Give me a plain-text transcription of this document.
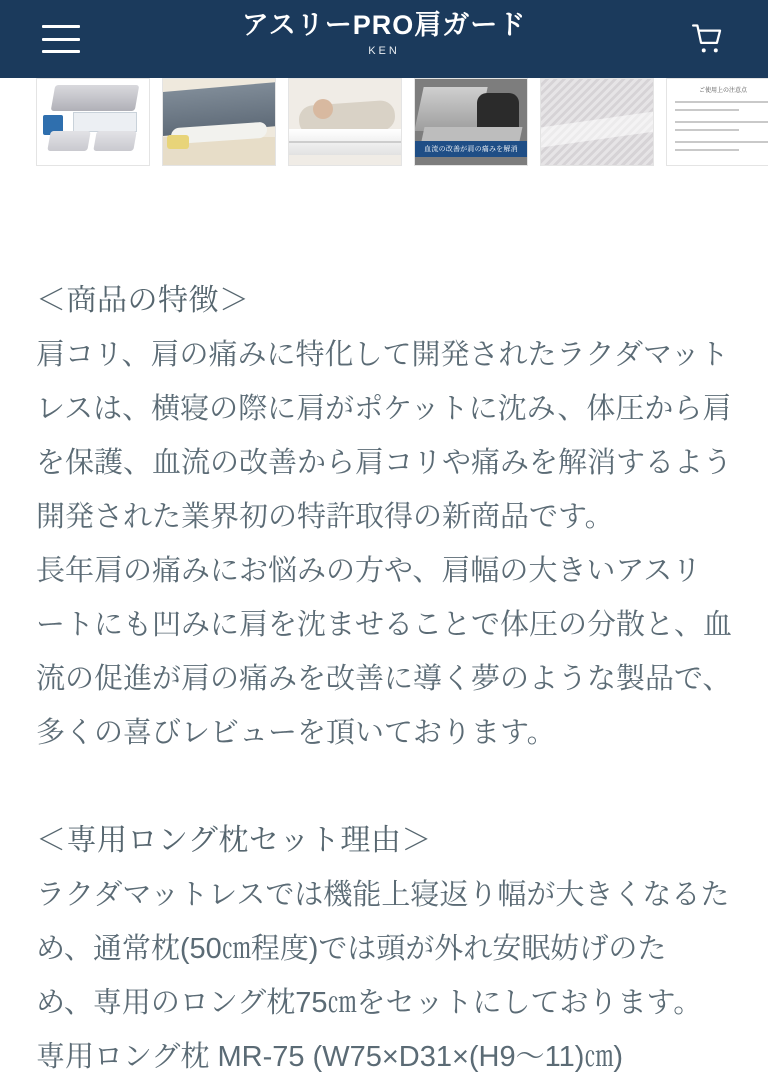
アスリーPRO肩ガード
KEN
血流の改善が肩の痛みを解消
ご使用上の注意点
＜商品の特徴＞

肩コリ、肩の痛みに特化して開発されたラクダマット

レスは、横寝の際に肩がポケットに沈み、体圧から肩

を保護、血流の改善から肩コリや痛みを解消するよう

開発された業界初の特許取得の新商品です。

長年肩の痛みにお悩みの方や、肩幅の大きいアスリ

ートにも凹みに肩を沈ませることで体圧の分散と、血

流の促進が肩の痛みを改善に導く夢のような製品で、

多くの喜びレビューを頂いております。

＜専用ロング枕セット理由＞

ラクダマットレスでは機能上寝返り幅が大きくなるた

め、通常枕(50㎝程度)では頭が外れ安眠妨げのた

め、専用のロング枕75㎝をセットにしております。

専用ロング枕 MR-75 (W75×D31×(H9〜11)㎝)
